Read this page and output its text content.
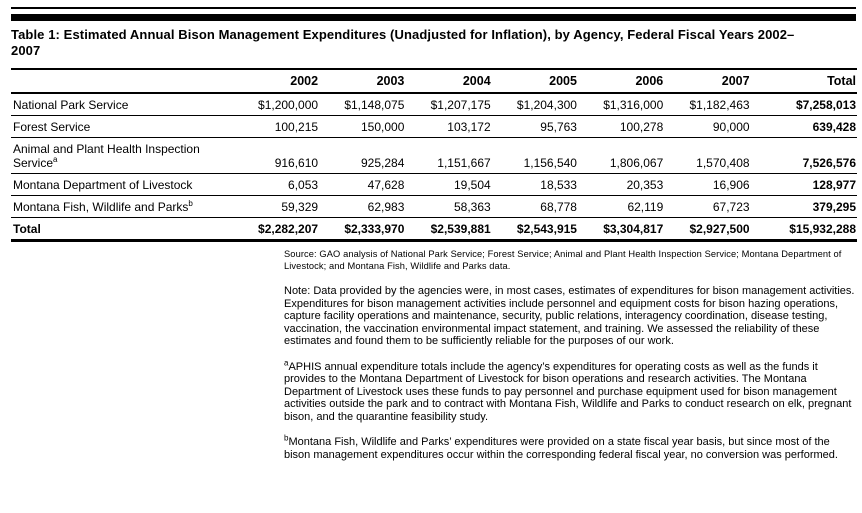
Table 1: Estimated Annual Bison Management Expenditures (Unadjusted for Inflation), by Agency, Federal Fiscal Years 2002–2007
	2002	2003	2004	2005	2006	2007	Total
National Park Service	$1,200,000	$1,148,075	$1,207,175	$1,204,300	$1,316,000	$1,182,463	$7,258,013
Forest Service	100,215	150,000	103,172	95,763	100,278	90,000	639,428
Animal and Plant Health Inspection Service$^a$	916,610	925,284	1,151,667	1,156,540	1,806,067	1,570,408	7,526,576
Montana Department of Livestock	6,053	47,628	19,504	18,533	20,353	16,906	128,977
Montana Fish, Wildlife and Parks$^b$	59,329	62,983	58,363	68,778	62,119	67,723	379,295
Total	$2,282,207	$2,333,970	$2,539,881	$2,543,915	$3,304,817	$2,927,500	$15,932,288

Source: GAO analysis of National Park Service; Forest Service; Animal and Plant Health Inspection Service; Montana Department of Livestock; and Montana Fish, Wildlife and Parks data.

Note: Data provided by the agencies were, in most cases, estimates of expenditures for bison management activities. Expenditures for bison management activities include personnel and equipment costs for bison hazing operations, capture facility operations and maintenance, security, public relations, interagency coordination, disease testing, vaccination, the vaccination environmental impact statement, and training. We assessed the reliability of these estimates and found them to be sufficiently reliable for the purposes of our work.

$^a$APHIS annual expenditure totals include the agency’s expenditures for operating costs as well as the funds it provides to the Montana Department of Livestock for bison operations and research activities. The Montana Department of Livestock uses these funds to pay personnel and purchase equipment used for bison management activities outside the park and to contract with Montana Fish, Wildlife and Parks to conduct research on elk, pregnant bison, and the quarantine feasibility study.

$^b$Montana Fish, Wildlife and Parks’ expenditures were provided on a state fiscal year basis, but since most of the bison management expenditures occur within the corresponding federal fiscal year, no conversion was performed.
